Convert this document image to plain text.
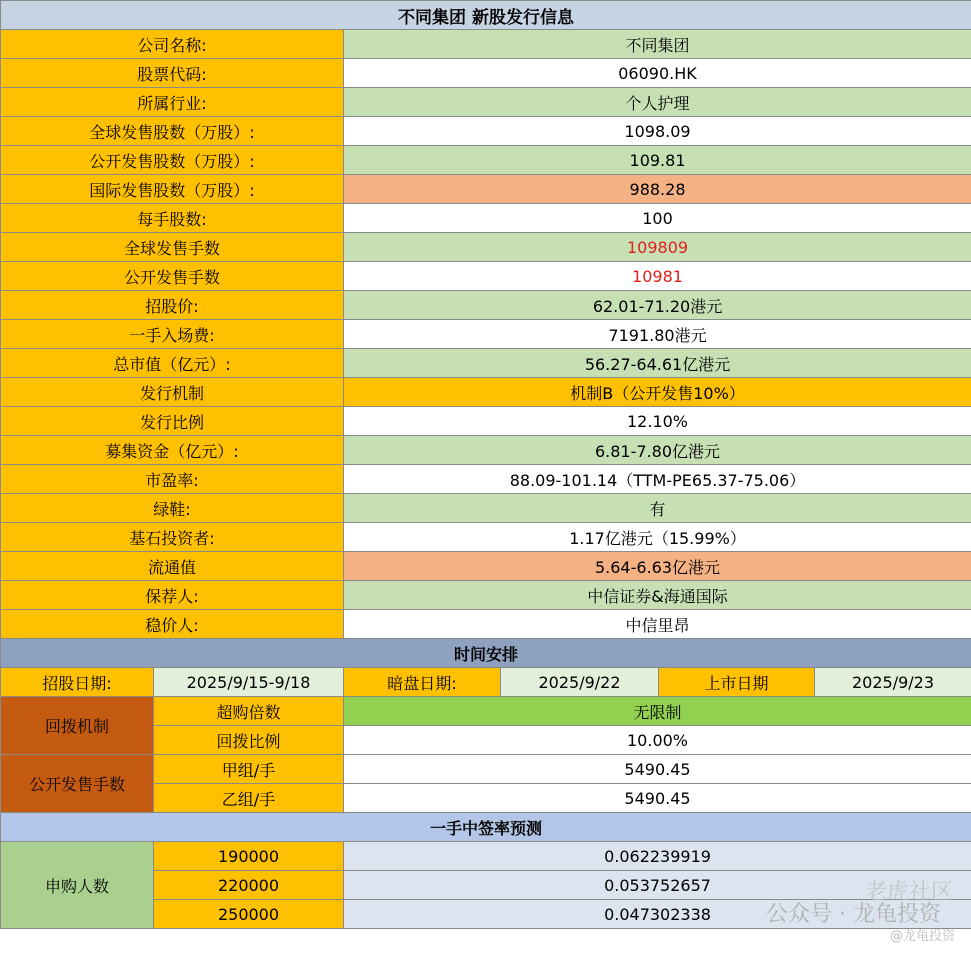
不同集团 新股发行信息					
公司名称:		不同集团			
股票代码:		06090.HK			
所属行业:		个人护理			
全球发售股数（万股）:		1098.09			
公开发售股数（万股）:		109.81			
国际发售股数（万股）:		988.28			
每手股数:		100			
全球发售手数		109809			
公开发售手数		10981			
招股价:		62.01-71.20港元			
一手入场费:		7191.80港元			
总市值（亿元）:		56.27-64.61亿港元			
发行机制		机制B（公开发售10%）			
发行比例		12.10%			
募集资金（亿元）:		6.81-7.80亿港元			
市盈率:		88.09-101.14（TTM-PE65.37-75.06）			
绿鞋:		有			
基石投资者:		1.17亿港元（15.99%）			
流通值		5.64-6.63亿港元			
保荐人:		中信证券&海通国际			
稳价人:		中信里昂			
时间安排					
招股日期:	2025/9/15-9/18	暗盘日期:	2025/9/22	上市日期	2025/9/23
回拨机制	超购倍数	无限制			
	回拨比例	10.00%			
公开发售手数	甲组/手	5490.45			
	乙组/手	5490.45			
一手中签率预测					
申购人数	190000	0.062239919			
	220000	0.053752657			
	250000	0.047302338			
老虎社区
公众号 · 龙龟投资
@龙龟投资
